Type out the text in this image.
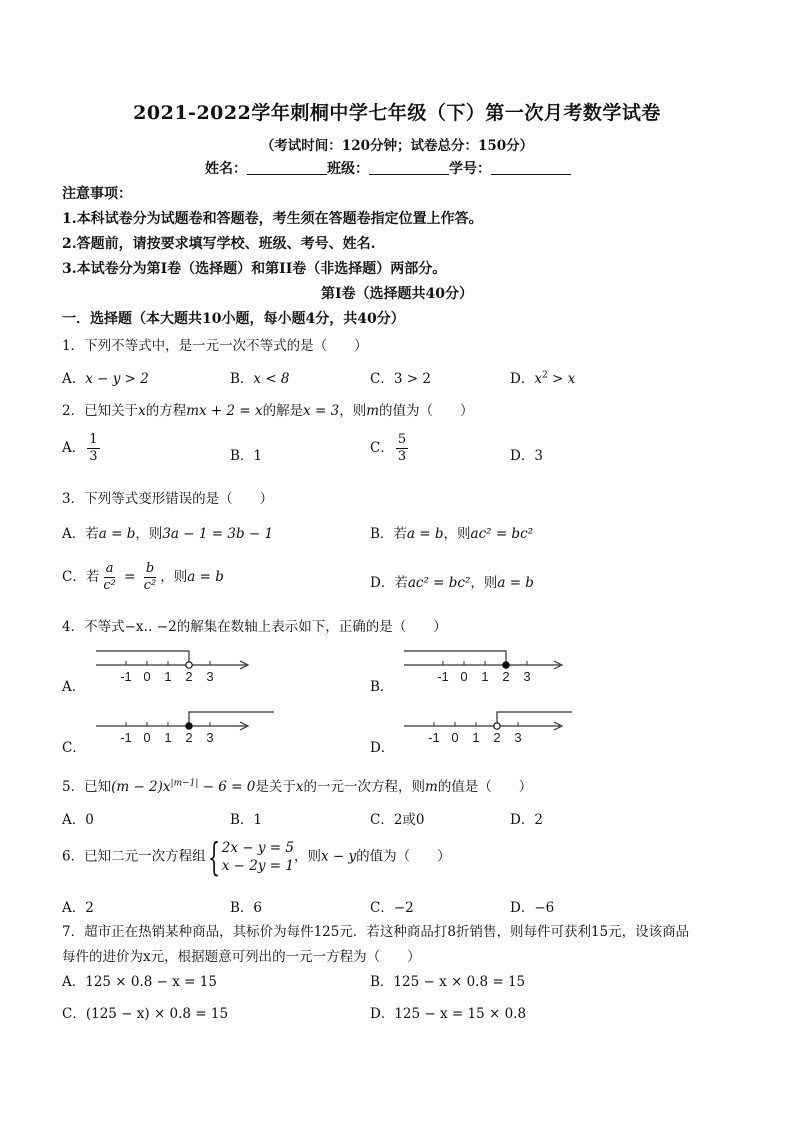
2021-2022学年刺桐中学七年级（下）第一次月考数学试卷
（考试时间：120分钟；试卷总分：150分）
姓名：	班级：	学号：
注意事项：
1.本科试卷分为试题卷和答题卷，考生须在答题卷指定位置上作答。
2.答题前，请按要求填写学校、班级、考号、姓名.
3.本试卷分为第I卷（选择题）和第II卷（非选择题）两部分。
第I卷（选择题共40分）
一．选择题（本大题共10小题，每小题4分，共40分）
1．下列不等式中，是一元一次不等式的是（　　）
A．x − y > 2	B．x < 8	C．3 > 2	D．$x^2 > x$
2．已知关于x的方程mx + 2 = x的解是x = 3，则m的值为（　　）
A． $\frac{1}{3}$	B．1	C． $\frac{5}{3}$	D．3
3．下列等式变形错误的是（　　）
A．若a = b，则3a − 1 = 3b − 1	B．若a = b，则ac² = bc²
C．若 $\frac{a}{\text{c²}} = \frac{b}{\text{c²}}$ ，则a = b	D．若ac² = bc²，则a = b
4．不等式−x‥ −2的解集在数轴上表示如下，正确的是（　　）
A．
-1 0 1 2 3
B．
-1 0 1 2 3
C．
-1 0 1 2 3
D．
-1 0 1 2 3
5．已知$(m - 2)x^{|m-1|} - 6 = 0$是关于x的一元一次方程，则m的值是（　　）
A．0	B．1	C．2或0	D．2
6．已知二元一次方程组{ 2x − y = 5
x − 2y = 1
，则x − y的值为（　　）
A．2	B．6	C．−2	D．−6
7．超市正在热销某种商品，其标价为每件125元．若这种商品打8折销售，则每件可获利15元，设该商品
每件的进价为x元，根据题意可列出的一元一方程为（　　）
A．125 × 0.8 − x = 15	B．125 − x × 0.8 = 15
C．(125 − x) × 0.8 = 15	D．125 − x = 15 × 0.8
